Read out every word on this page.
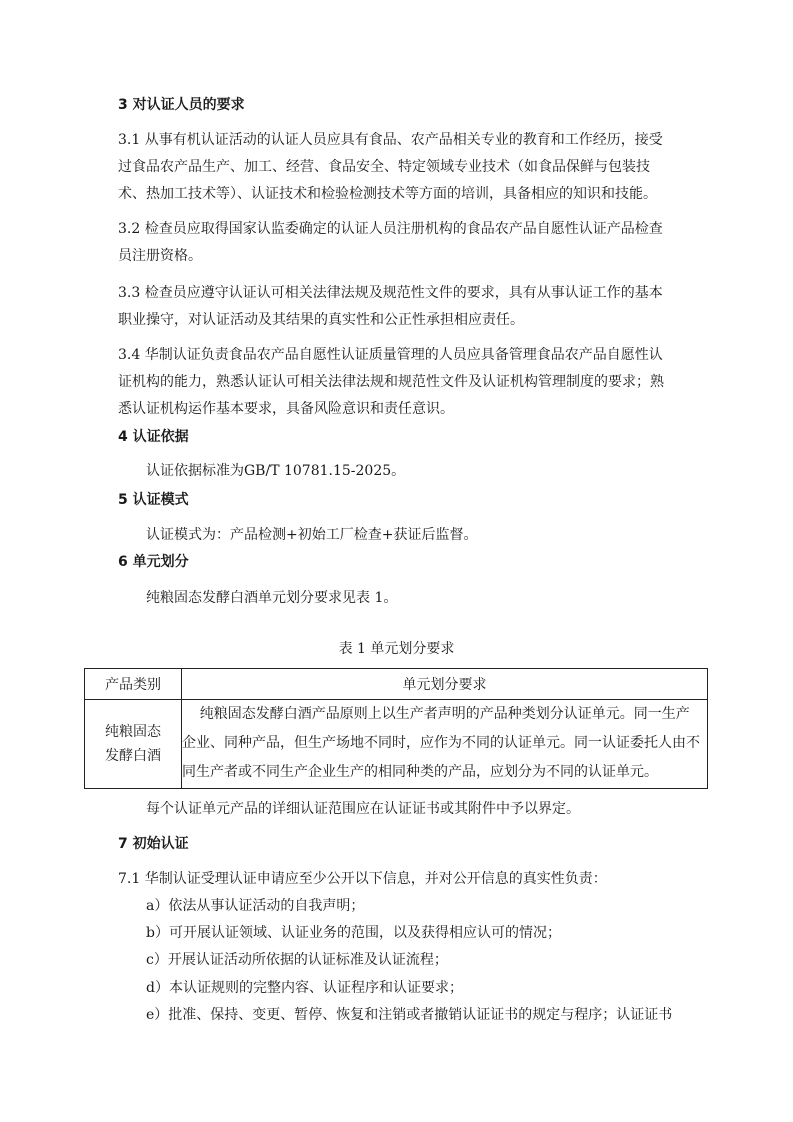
3 对认证人员的要求
3.1 从事有机认证活动的认证人员应具有食品、农产品相关专业的教育和工作经历，接受
过食品农产品生产、加工、经营、食品安全、特定领域专业技术（如食品保鲜与包装技
术、热加工技术等）、认证技术和检验检测技术等方面的培训，具备相应的知识和技能。
3.2 检查员应取得国家认监委确定的认证人员注册机构的食品农产品自愿性认证产品检查
员注册资格。
3.3 检查员应遵守认证认可相关法律法规及规范性文件的要求，具有从事认证工作的基本
职业操守，对认证活动及其结果的真实性和公正性承担相应责任。
3.4 华制认证负责食品农产品自愿性认证质量管理的人员应具备管理食品农产品自愿性认
证机构的能力，熟悉认证认可相关法律法规和规范性文件及认证机构管理制度的要求；熟
悉认证机构运作基本要求，具备风险意识和责任意识。
4 认证依据
认证依据标准为GB/T 10781.15-2025。
5 认证模式
认证模式为：产品检测+初始工厂检查+获证后监督。
6 单元划分
纯粮固态发酵白酒单元划分要求见表 1。
表 1 单元划分要求
产品类别	单元划分要求

纯粮固态
发酵白酒	纯粮固态发酵白酒产品原则上以生产者声明的产品种类划分认证单元。同一生产
企业、同种产品，但生产场地不同时，应作为不同的认证单元。同一认证委托人由不
同生产者或不同生产企业生产的相同种类的产品，应划分为不同的认证单元。
每个认证单元产品的详细认证范围应在认证证书或其附件中予以界定。
7 初始认证
7.1 华制认证受理认证申请应至少公开以下信息，并对公开信息的真实性负责：
a）依法从事认证活动的自我声明；
b）可开展认证领域、认证业务的范围，以及获得相应认可的情况；
c）开展认证活动所依据的认证标准及认证流程；
d）本认证规则的完整内容、认证程序和认证要求；
e）批准、保持、变更、暂停、恢复和注销或者撤销认证证书的规定与程序；认证证书
